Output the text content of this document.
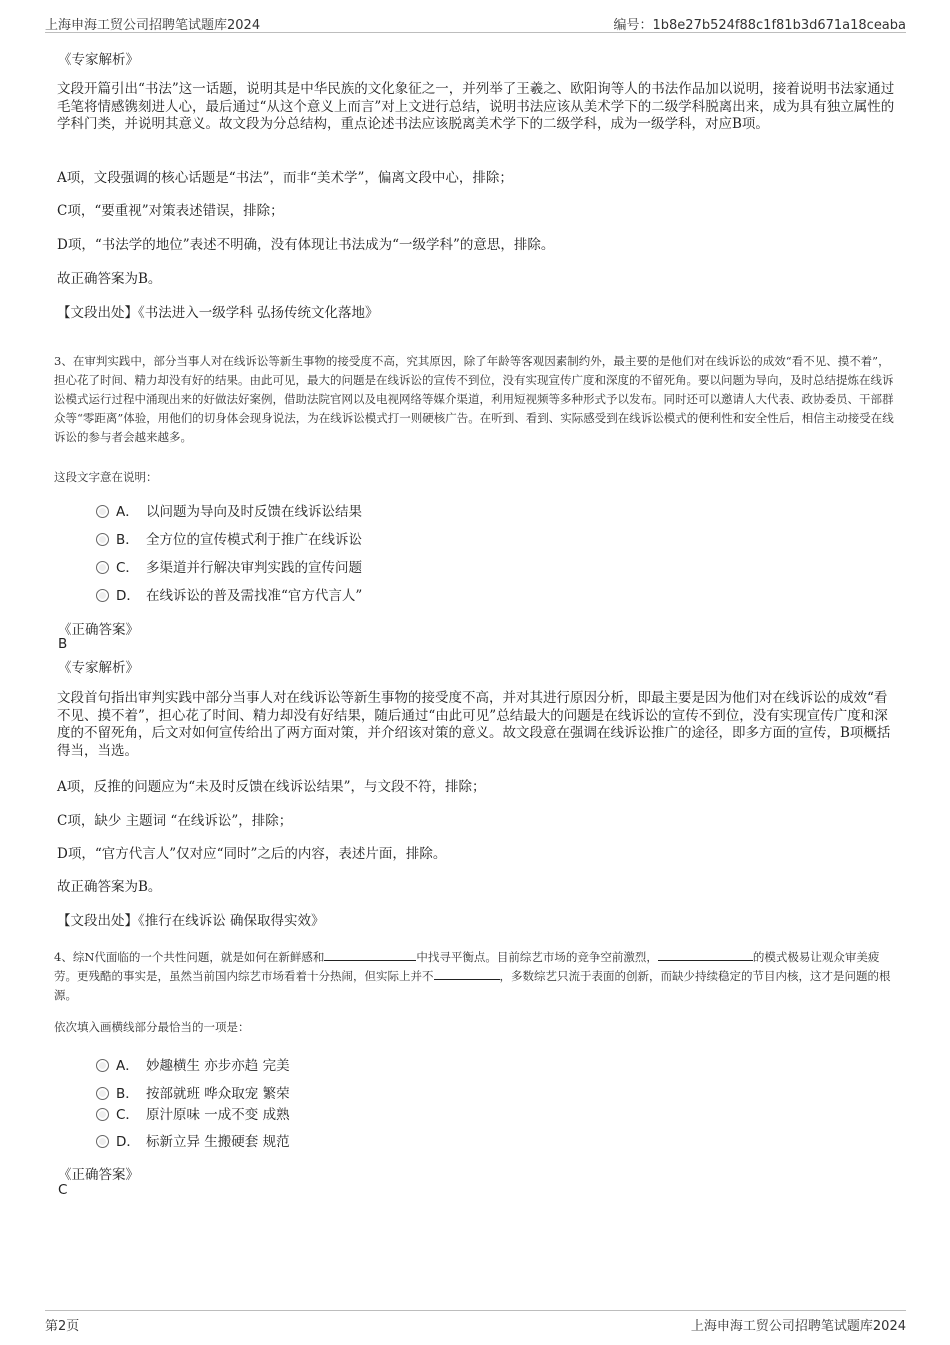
上海申海工贸公司招聘笔试题库2024	编号：1b8e27b524f88c1f81b3d671a18ceaba
《专家解析》

文段开篇引出“书法”这一话题，说明其是中华民族的文化象征之一，并列举了王羲之、欧阳询等人的书法作品加以说明，接着说明书法家通过毛笔将情感镌刻进人心，最后通过“从这个意义上而言”对上文进行总结，说明书法应该从美术学下的二级学科脱离出来，成为具有独立属性的学科门类，并说明其意义。故文段为分总结构，重点论述书法应该脱离美术学下的二级学科，成为一级学科，对应B项。

A项，文段强调的核心话题是“书法”，而非“美术学”，偏离文段中心，排除；

C项，“要重视”对策表述错误，排除；

D项，“书法学的地位”表述不明确，没有体现让书法成为“一级学科”的意思，排除。

故正确答案为B。

【文段出处】《书法进入一级学科 弘扬传统文化落地》

3、在审判实践中，部分当事人对在线诉讼等新生事物的接受度不高，究其原因，除了年龄等客观因素制约外，最主要的是他们对在线诉讼的成效“看不见、摸不着”，担心花了时间、精力却没有好的结果。由此可见，最大的问题是在线诉讼的宣传不到位，没有实现宣传广度和深度的不留死角。要以问题为导向，及时总结提炼在线诉讼模式运行过程中涌现出来的好做法好案例，借助法院官网以及电视网络等媒介渠道，利用短视频等多种形式予以发布。同时还可以邀请人大代表、政协委员、干部群众等“零距离”体验，用他们的切身体会现身说法，为在线诉讼模式打一则硬核广告。在听到、看到、实际感受到在线诉讼模式的便利性和安全性后，相信主动接受在线诉讼的参与者会越来越多。

这段文字意在说明：

A． 以问题为导向及时反馈在线诉讼结果
B． 全方位的宣传模式利于推广在线诉讼
C． 多渠道并行解决审判实践的宣传问题
D． 在线诉讼的普及需找准“官方代言人”
《正确答案》
B
《专家解析》

文段首句指出审判实践中部分当事人对在线诉讼等新生事物的接受度不高，并对其进行原因分析，即最主要是因为他们对在线诉讼的成效“看不见、摸不着”，担心花了时间、精力却没有好结果，随后通过“由此可见”总结最大的问题是在线诉讼的宣传不到位，没有实现宣传广度和深度的不留死角，后文对如何宣传给出了两方面对策，并介绍该对策的意义。故文段意在强调在线诉讼推广的途径，即多方面的宣传，B项概括得当，当选。

A项，反推的问题应为“未及时反馈在线诉讼结果”，与文段不符，排除；

C项，缺少 主题词 “在线诉讼”，排除；

D项，“官方代言人”仅对应“同时”之后的内容，表述片面，排除。

故正确答案为B。

【文段出处】《推行在线诉讼 确保取得实效》

4、综N代面临的一个共性问题，就是如何在新鲜感和	中找寻平衡点。目前综艺市场的竞争空前激烈，	的模式极易让观众审美疲劳。更残酷的事实是，虽然当前国内综艺市场看着十分热闹，但实际上并不	，多数综艺只流于表面的创新，而缺少持续稳定的节目内核，这才是问题的根源。

依次填入画横线部分最恰当的一项是：

A． 妙趣横生 亦步亦趋 完美
B． 按部就班 哗众取宠 繁荣
C． 原汁原味 一成不变 成熟
D． 标新立异 生搬硬套 规范
《正确答案》
C
第2页	上海申海工贸公司招聘笔试题库2024
